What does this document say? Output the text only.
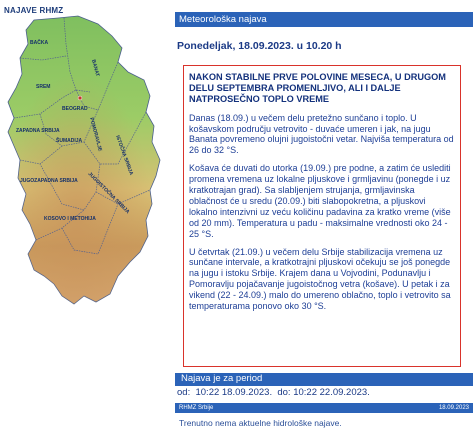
NAJAVE RHMZ
BAČKA
BANAT
SREM
BEOGRAD
ZAPADNA SRBIJA
ŠUMADIJA POMORAVLJE
ISTOČNA SRBIJA
JUGOZAPADNA SRBIJA JUGOISTOČNA SRBIJA
KOSOVO I METOHIJA
Meteorološka najava
Ponedeljak, 18.09.2023. u 10.20 h
NAKON STABILNE PRVE POLOVINE MESECA, U DRUGOM DELU SEPTEMBRA PROMENLJIVO, ALI I DALJE NATPROSEČNO TOPLO VREME

Danas (18.09.) u večem delu pretežno sunčano i toplo. U košavskom području vetrovito - duvaće umeren i jak, na jugu Banata povremeno olujni jugoistočni vetar. Najviša temperatura od 26 do 32 °S.

Košava će duvati do utorka (19.09.) pre podne, a zatim će uslediti promena vremena uz lokalne pljuskove i grmljavinu (ponegde i uz kratkotrajan grad). Sa slabljenjem strujanja, grmljavinska oblačnost će u sredu (20.09.) biti slabopokretna, a pljuskovi lokalno intenzivni uz veću količinu padavina za kratko vreme (više od 20 mm). Temperatura u padu - maksimalne vrednosti oko 24 - 25 °S.

U četvrtak (21.09.) u večem delu Srbije stabilizacija vremena uz sunčane intervale, a kratkotrajni pljuskovi očekuju se još ponegde na jugu i istoku Srbije. Krajem dana u Vojvodini, Podunavlju i Pomoravlju pojačavanje jugoistočnog vetra (košave). U petak i za vikend (22 - 24.09.) malo do umereno oblačno, toplo i vetrovito sa temperaturama ponovo oko 30 °S.

Najava je za period
od:  10:22 18.09.2023.  do: 10:22 22.09.2023.
RHMZ Srbije	18.09.2023
Trenutno nema aktuelne hidrološke najave.
